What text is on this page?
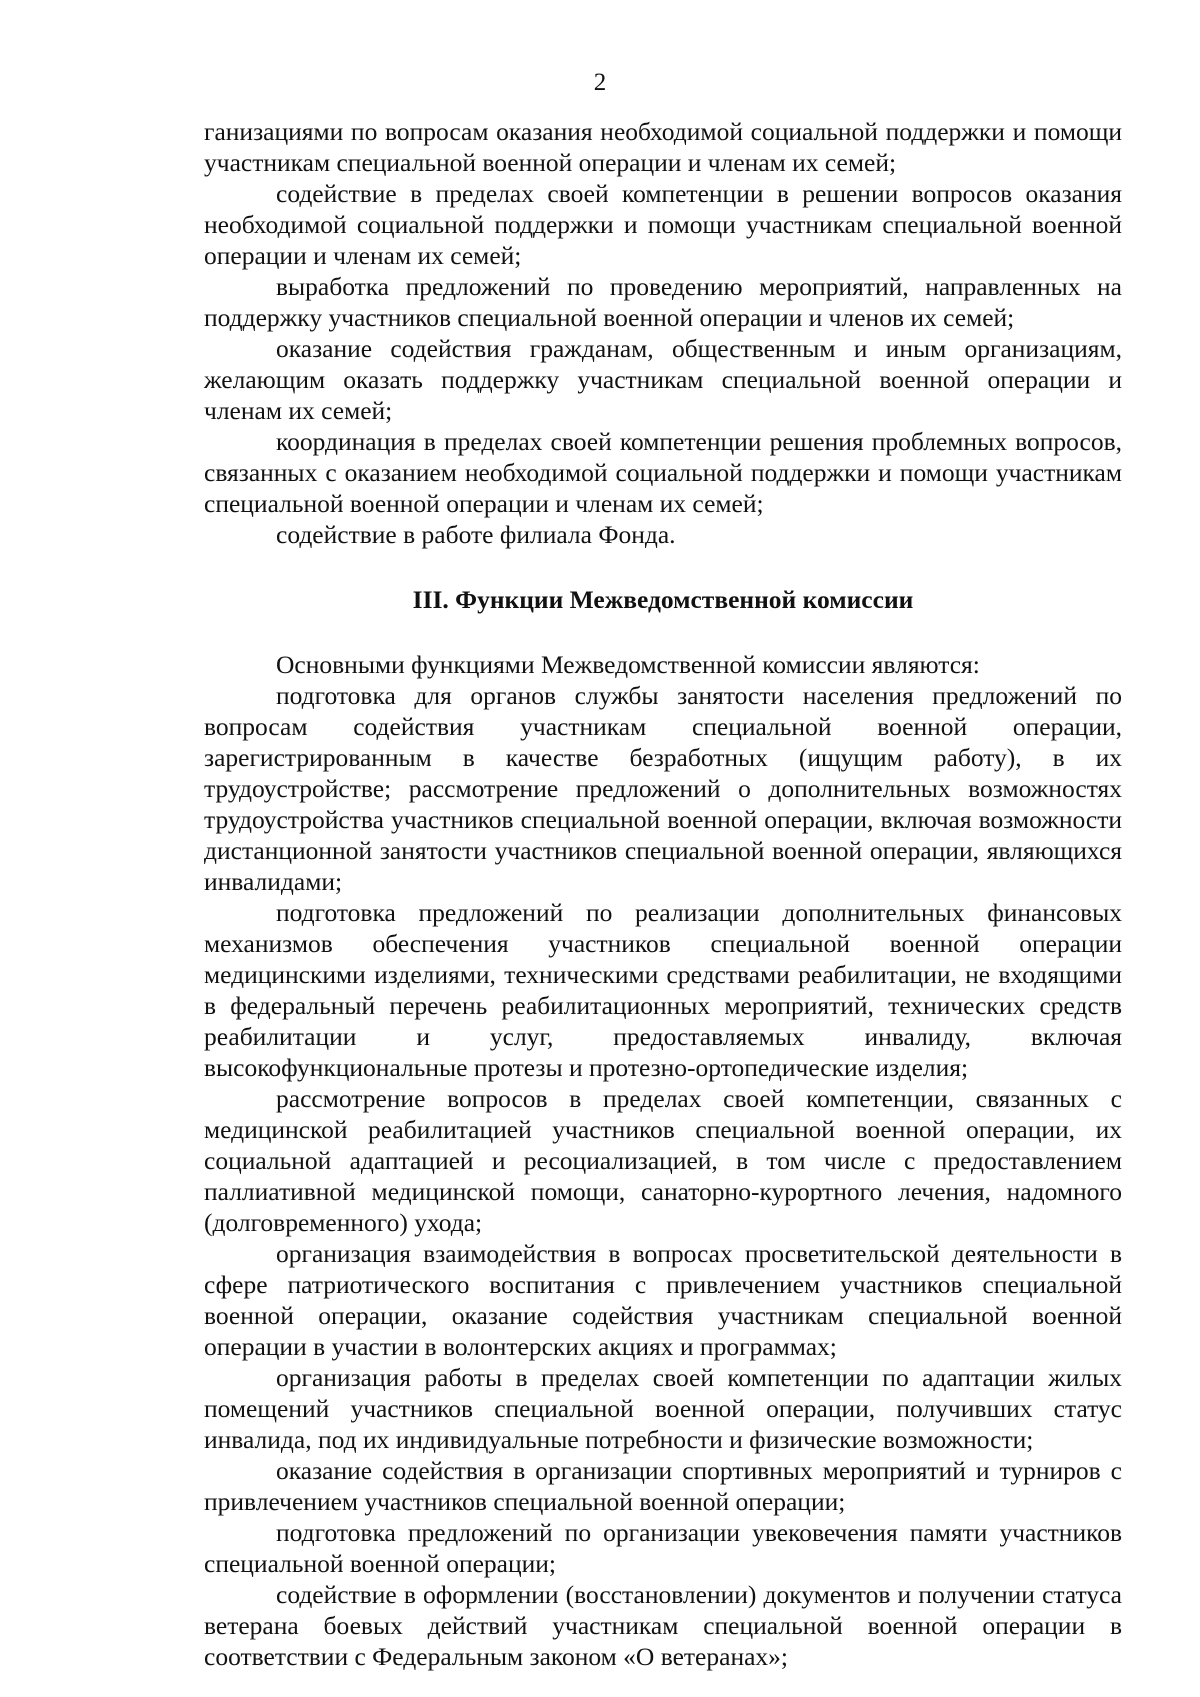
2

ганизациями по вопросам оказания необходимой социальной поддержки и помощи участникам специальной военной операции и членам их семей;

содействие в пределах своей компетенции в решении вопросов оказания необходимой социальной поддержки и помощи участникам специальной военной операции и членам их семей;

выработка предложений по проведению мероприятий, направленных на поддержку участников специальной военной операции и членов их семей;

оказание содействия гражданам, общественным и иным организациям, желающим оказать поддержку участникам специальной военной операции и членам их семей;

координация в пределах своей компетенции решения проблемных вопросов, связанных с оказанием необходимой социальной поддержки и помощи участникам специальной военной операции и членам их семей;

содействие в работе филиала Фонда.

III. Функции Межведомственной комиссии

Основными функциями Межведомственной комиссии являются:

подготовка для органов службы занятости населения предложений по вопросам содействия участникам специальной военной операции, зарегистрированным в качестве безработных (ищущим работу), в их трудоустройстве; рассмотрение предложений о дополнительных возможностях трудоустройства участников специальной военной операции, включая возможности дистанционной занятости участников специальной военной операции, являющихся инвалидами;

подготовка предложений по реализации дополнительных финансовых механизмов обеспечения участников специальной военной операции медицинскими изделиями, техническими средствами реабилитации, не входящими в федеральный перечень реабилитационных мероприятий, технических средств реабилитации и услуг, предоставляемых инвалиду, включая высокофункциональные протезы и протезно-ортопедические изделия;

рассмотрение вопросов в пределах своей компетенции, связанных с медицинской реабилитацией участников специальной военной операции, их социальной адаптацией и ресоциализацией, в том числе с предоставлением паллиативной медицинской помощи, санаторно-курортного лечения, надомного (долговременного) ухода;

организация взаимодействия в вопросах просветительской деятельности в сфере патриотического воспитания с привлечением участников специальной военной операции, оказание содействия участникам специальной военной операции в участии в волонтерских акциях и программах;

организация работы в пределах своей компетенции по адаптации жилых помещений участников специальной военной операции, получивших статус инвалида, под их индивидуальные потребности и физические возможности;

оказание содействия в организации спортивных мероприятий и турниров с привлечением участников специальной военной операции;

подготовка предложений по организации увековечения памяти участников специальной военной операции;

содействие в оформлении (восстановлении) документов и получении статуса ветерана боевых действий участникам специальной военной операции в соответствии с Федеральным законом «О ветеранах»;
